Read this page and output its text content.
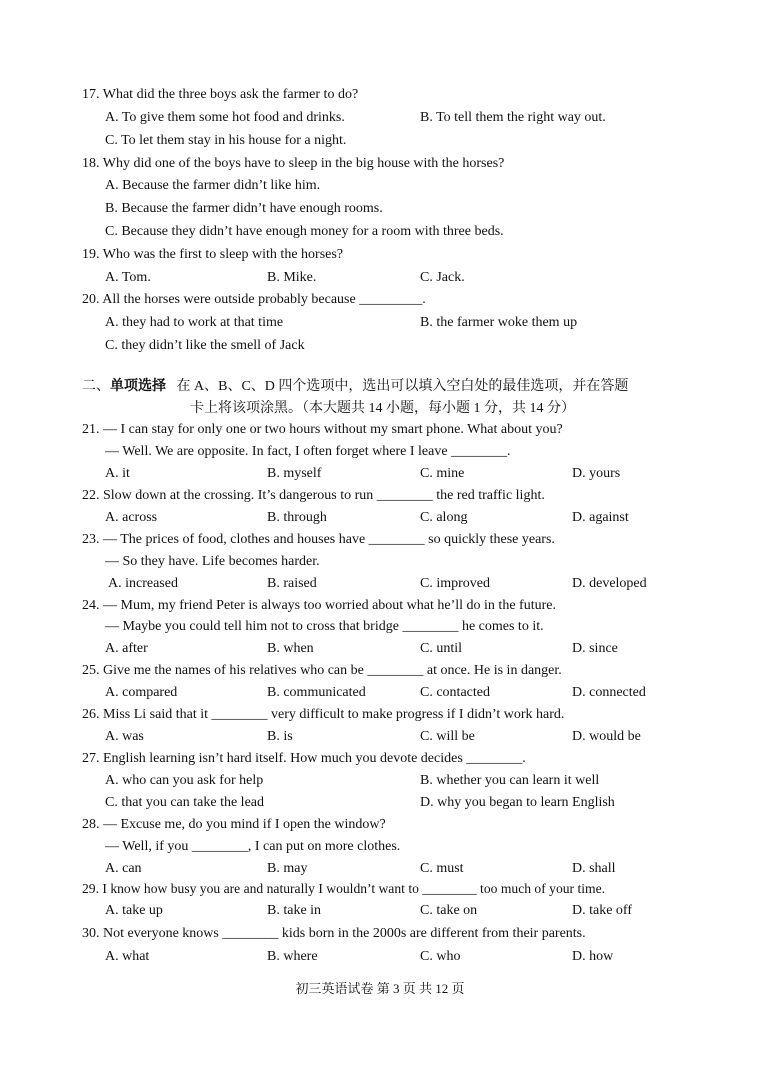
17. What did the three boys ask the farmer to do?
A. To give them some hot food and drinks.	B. To tell them the right way out.
C. To let them stay in his house for a night.
18. Why did one of the boys have to sleep in the big house with the horses?
A. Because the farmer didn’t like him.
B. Because the farmer didn’t have enough rooms.
C. Because they didn’t have enough money for a room with three beds.
19. Who was the first to sleep with the horses?
A. Tom.	B. Mike.	C. Jack.
20. All the horses were outside probably because _________.
A. they had to work at that time	B. the farmer woke them up
C. they didn’t like the smell of Jack
二、单项选择 在 A、B、C、D 四个选项中，选出可以填入空白处的最佳选项，并在答题
卡上将该项涂黑。（本大题共 14 小题，每小题 1 分，共 14 分）
21. — I can stay for only one or two hours without my smart phone. What about you?
— Well. We are opposite. In fact, I often forget where I leave ________.
A. it	B. myself	C. mine	D. yours
22. Slow down at the crossing. It’s dangerous to run ________ the red traffic light.
A. across	B. through	C. along	D. against
23. — The prices of food, clothes and houses have ________ so quickly these years.
— So they have. Life becomes harder.
A. increased	B. raised	C. improved	D. developed
24. — Mum, my friend Peter is always too worried about what he’ll do in the future.
— Maybe you could tell him not to cross that bridge ________ he comes to it.
A. after	B. when	C. until	D. since
25. Give me the names of his relatives who can be ________ at once. He is in danger.
A. compared	B. communicated	C. contacted	D. connected
26. Miss Li said that it ________ very difficult to make progress if I didn’t work hard.
A. was	B. is	C. will be	D. would be
27. English learning isn’t hard itself. How much you devote decides ________.
A. who can you ask for help	B. whether you can learn it well
C. that you can take the lead	D. why you began to learn English
28. — Excuse me, do you mind if I open the window?
— Well, if you ________, I can put on more clothes.
A. can	B. may	C. must	D. shall
29. I know how busy you are and naturally I wouldn’t want to ________ too much of your time.
A. take up	B. take in	C. take on	D. take off
30. Not everyone knows ________ kids born in the 2000s are different from their parents.
A. what	B. where	C. who	D. how
初三英语试卷 第 3 页 共 12 页
